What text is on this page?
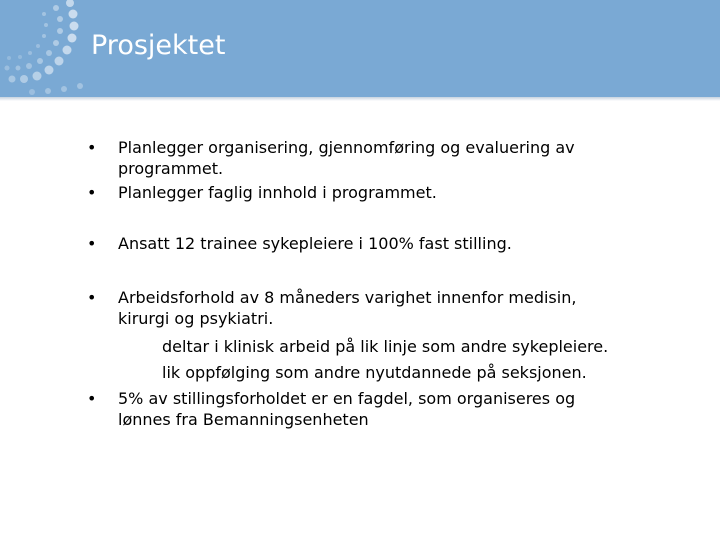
Prosjektet
• Planlegger organisering, gjennomføring og evaluering av
programmet.
• Planlegger faglig innhold i programmet.
• Ansatt 12 trainee sykepleiere i 100% fast stilling.
• Arbeidsforhold av 8 måneders varighet innenfor medisin,
kirurgi og psykiatri.
deltar i klinisk arbeid på lik linje som andre sykepleiere.
lik oppfølging som andre nyutdannede på seksjonen.
• 5% av stillingsforholdet er en fagdel, som organiseres og
lønnes fra Bemanningsenheten
